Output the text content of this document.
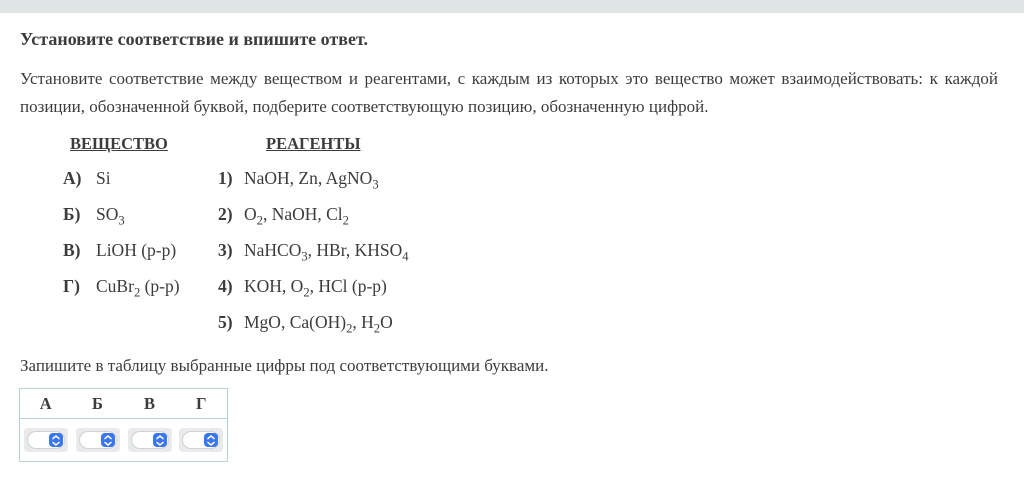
Установите соответствие и впишите ответ.

Установите соответствие между веществом и реагентами, с каждым из которых это вещество может взаимодействовать: к каждой позиции, обозначенной буквой, подберите соответствующую позицию, обозначенную цифрой.

ВЕЩЕСТВО
А) Si
Б) $SO_3$
В) LiOH (р-р)
Г) CuBr$_2$ (р-р)
РЕАГЕНТЫ
1) NaOH, Zn, AgNO$_3$
2) $O_2$, NaOH, $Cl_2$
3) NaHCO$_3$, HBr, $KHSO_4$
4) KOH, $O_2$, HCl (р-р)
5) MgO, $Ca(OH)_2$, $H_2O$

Запишите в таблицу выбранные цифры под соответствующими буквами.

А	Б	В	Г
